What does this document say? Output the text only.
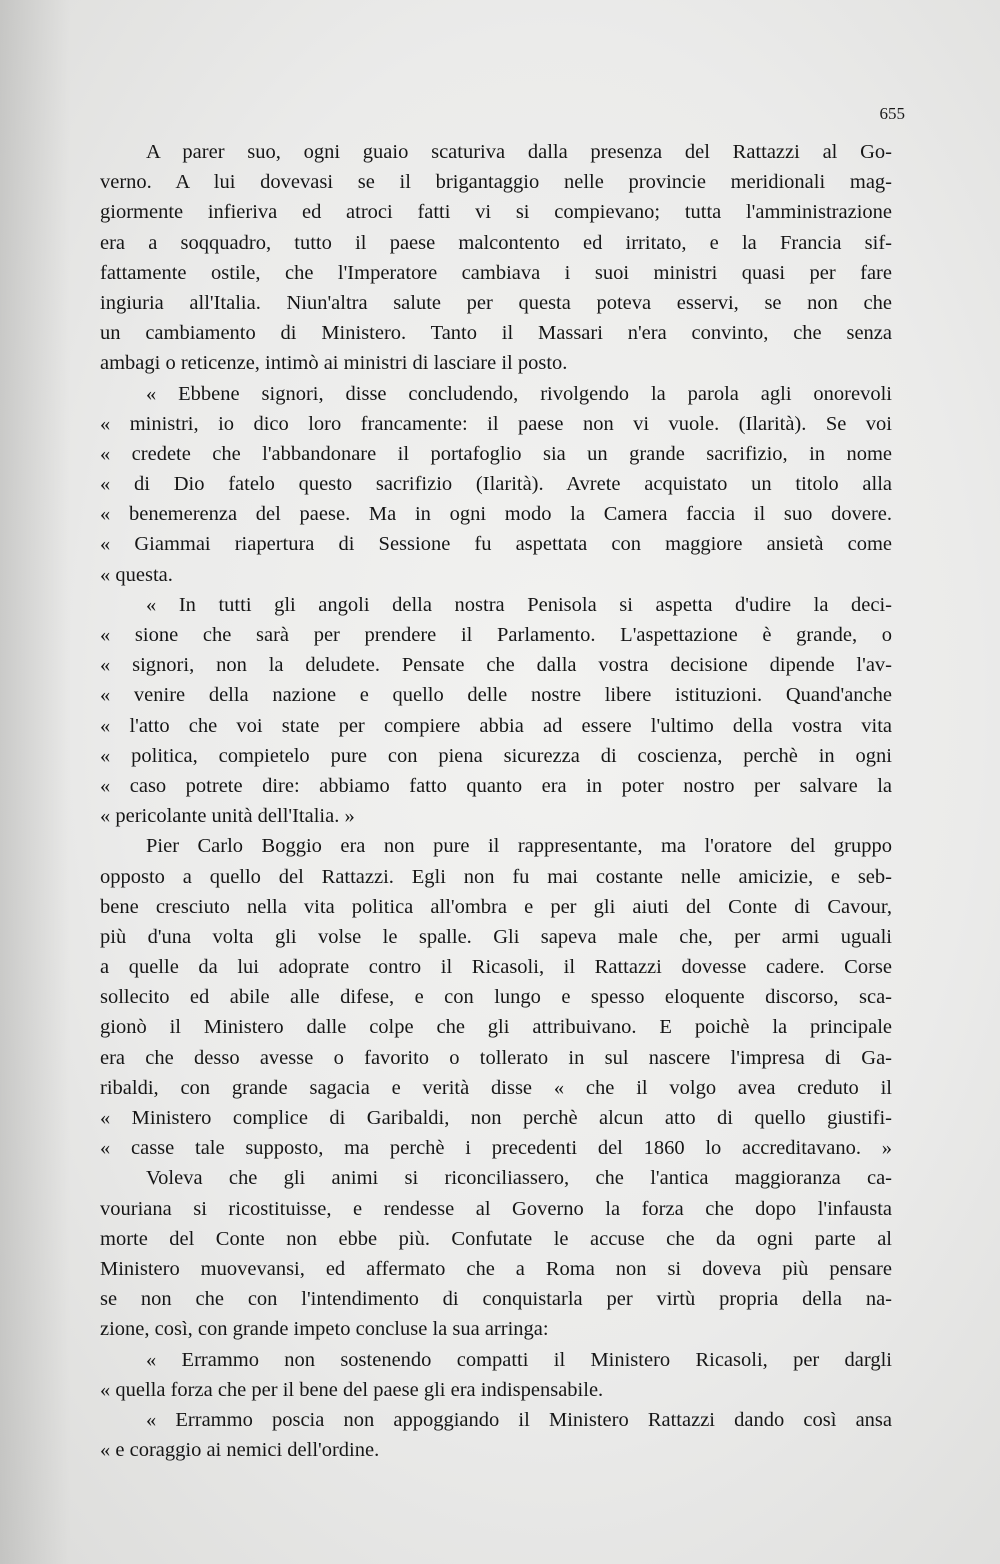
655
A parer suo, ogni guaio scaturiva dalla presenza del Rattazzi al Go-
verno. A lui dovevasi se il brigantaggio nelle provincie meridionali mag-
giormente infieriva ed atroci fatti vi si compievano; tutta l'amministrazione
era a soqquadro, tutto il paese malcontento ed irritato, e la Francia sif-
fattamente ostile, che l'Imperatore cambiava i suoi ministri quasi per fare
ingiuria all'Italia. Niun'altra salute per questa poteva esservi, se non che
un cambiamento di Ministero. Tanto il Massari n'era convinto, che senza
ambagi o reticenze, intimò ai ministri di lasciare il posto.
« Ebbene signori, disse concludendo, rivolgendo la parola agli onorevoli
« ministri, io dico loro francamente: il paese non vi vuole. (Ilarità). Se voi
« credete che l'abbandonare il portafoglio sia un grande sacrifizio, in nome
« di Dio fatelo questo sacrifizio (Ilarità). Avrete acquistato un titolo alla
« benemerenza del paese. Ma in ogni modo la Camera faccia il suo dovere.
« Giammai riapertura di Sessione fu aspettata con maggiore ansietà come
« questa.
« In tutti gli angoli della nostra Penisola si aspetta d'udire la deci-
« sione che sarà per prendere il Parlamento. L'aspettazione è grande, o
« signori, non la deludete. Pensate che dalla vostra decisione dipende l'av-
« venire della nazione e quello delle nostre libere istituzioni. Quand'anche
« l'atto che voi state per compiere abbia ad essere l'ultimo della vostra vita
« politica, compietelo pure con piena sicurezza di coscienza, perchè in ogni
« caso potrete dire: abbiamo fatto quanto era in poter nostro per salvare la
« pericolante unità dell'Italia. »
Pier Carlo Boggio era non pure il rappresentante, ma l'oratore del gruppo
opposto a quello del Rattazzi. Egli non fu mai costante nelle amicizie, e seb-
bene cresciuto nella vita politica all'ombra e per gli aiuti del Conte di Cavour,
più d'una volta gli volse le spalle. Gli sapeva male che, per armi uguali
a quelle da lui adoprate contro il Ricasoli, il Rattazzi dovesse cadere. Corse
sollecito ed abile alle difese, e con lungo e spesso eloquente discorso, sca-
gionò il Ministero dalle colpe che gli attribuivano. E poichè la principale
era che desso avesse o favorito o tollerato in sul nascere l'impresa di Ga-
ribaldi, con grande sagacia e verità disse « che il volgo avea creduto il
« Ministero complice di Garibaldi, non perchè alcun atto di quello giustifi-
« casse tale supposto, ma perchè i precedenti del 1860 lo accreditavano. »
Voleva che gli animi si riconciliassero, che l'antica maggioranza ca-
vouriana si ricostituisse, e rendesse al Governo la forza che dopo l'infausta
morte del Conte non ebbe più. Confutate le accuse che da ogni parte al
Ministero muovevansi, ed affermato che a Roma non si doveva più pensare
se non che con l'intendimento di conquistarla per virtù propria della na-
zione, così, con grande impeto concluse la sua arringa:
« Errammo non sostenendo compatti il Ministero Ricasoli, per dargli
« quella forza che per il bene del paese gli era indispensabile.
« Errammo poscia non appoggiando il Ministero Rattazzi dando così ansa
« e coraggio ai nemici dell'ordine.
